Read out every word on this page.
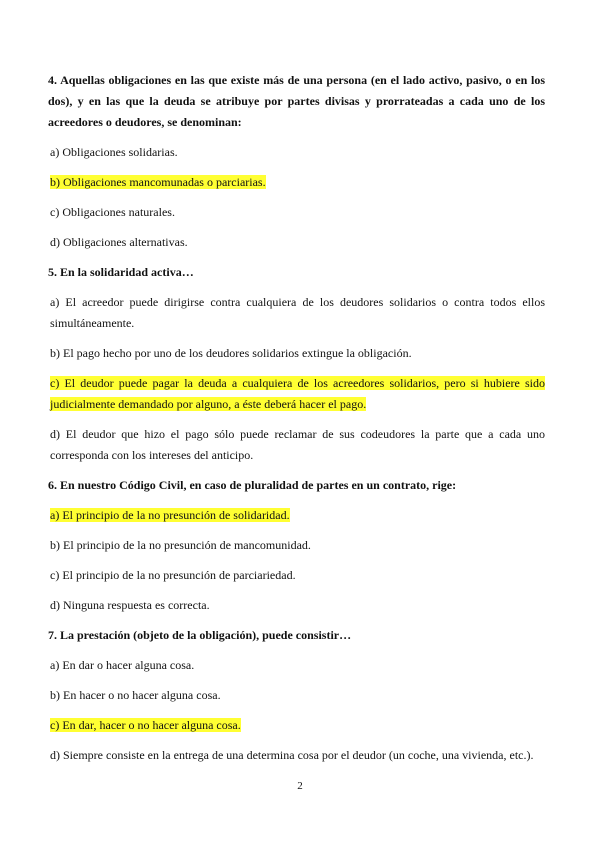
4. Aquellas obligaciones en las que existe más de una persona (en el lado activo, pasivo, o en los dos), y en las que la deuda se atribuye por partes divisas y prorrateadas a cada uno de los acreedores o deudores, se denominan:

a) Obligaciones solidarias.

b) Obligaciones mancomunadas o parciarias.

c) Obligaciones naturales.

d) Obligaciones alternativas.

5. En la solidaridad activa…

a) El acreedor puede dirigirse contra cualquiera de los deudores solidarios o contra todos ellos simultáneamente.

b) El pago hecho por uno de los deudores solidarios extingue la obligación.

c) El deudor puede pagar la deuda a cualquiera de los acreedores solidarios, pero si hubiere sido judicialmente demandado por alguno, a éste deberá hacer el pago.

d) El deudor que hizo el pago sólo puede reclamar de sus codeudores la parte que a cada uno corresponda con los intereses del anticipo.

6. En nuestro Código Civil, en caso de pluralidad de partes en un contrato, rige:

a) El principio de la no presunción de solidaridad.

b) El principio de la no presunción de mancomunidad.

c) El principio de la no presunción de parciariedad.

d) Ninguna respuesta es correcta.

7. La prestación (objeto de la obligación), puede consistir…

a) En dar o hacer alguna cosa.

b) En hacer o no hacer alguna cosa.

c) En dar, hacer o no hacer alguna cosa.

d) Siempre consiste en la entrega de una determina cosa por el deudor (un coche, una vivienda, etc.).

2
